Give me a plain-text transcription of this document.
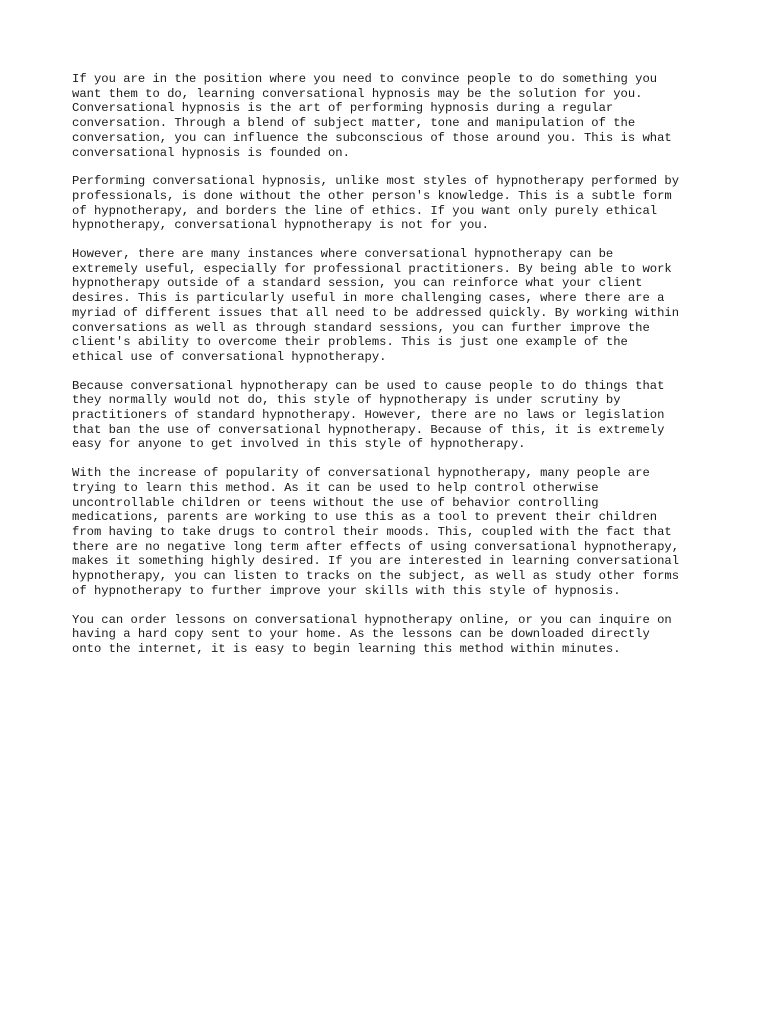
If you are in the position where you need to convince people to do something you
want them to do, learning conversational hypnosis may be the solution for you.
Conversational hypnosis is the art of performing hypnosis during a regular
conversation. Through a blend of subject matter, tone and manipulation of the
conversation, you can influence the subconscious of those around you. This is what
conversational hypnosis is founded on.

Performing conversational hypnosis, unlike most styles of hypnotherapy performed by
professionals, is done without the other person's knowledge. This is a subtle form
of hypnotherapy, and borders the line of ethics. If you want only purely ethical
hypnotherapy, conversational hypnotherapy is not for you.

However, there are many instances where conversational hypnotherapy can be
extremely useful, especially for professional practitioners. By being able to work
hypnotherapy outside of a standard session, you can reinforce what your client
desires. This is particularly useful in more challenging cases, where there are a
myriad of different issues that all need to be addressed quickly. By working within
conversations as well as through standard sessions, you can further improve the
client's ability to overcome their problems. This is just one example of the
ethical use of conversational hypnotherapy.

Because conversational hypnotherapy can be used to cause people to do things that
they normally would not do, this style of hypnotherapy is under scrutiny by
practitioners of standard hypnotherapy. However, there are no laws or legislation
that ban the use of conversational hypnotherapy. Because of this, it is extremely
easy for anyone to get involved in this style of hypnotherapy.

With the increase of popularity of conversational hypnotherapy, many people are
trying to learn this method. As it can be used to help control otherwise
uncontrollable children or teens without the use of behavior controlling
medications, parents are working to use this as a tool to prevent their children
from having to take drugs to control their moods. This, coupled with the fact that
there are no negative long term after effects of using conversational hypnotherapy,
makes it something highly desired. If you are interested in learning conversational
hypnotherapy, you can listen to tracks on the subject, as well as study other forms
of hypnotherapy to further improve your skills with this style of hypnosis.

You can order lessons on conversational hypnotherapy online, or you can inquire on
having a hard copy sent to your home. As the lessons can be downloaded directly
onto the internet, it is easy to begin learning this method within minutes.
